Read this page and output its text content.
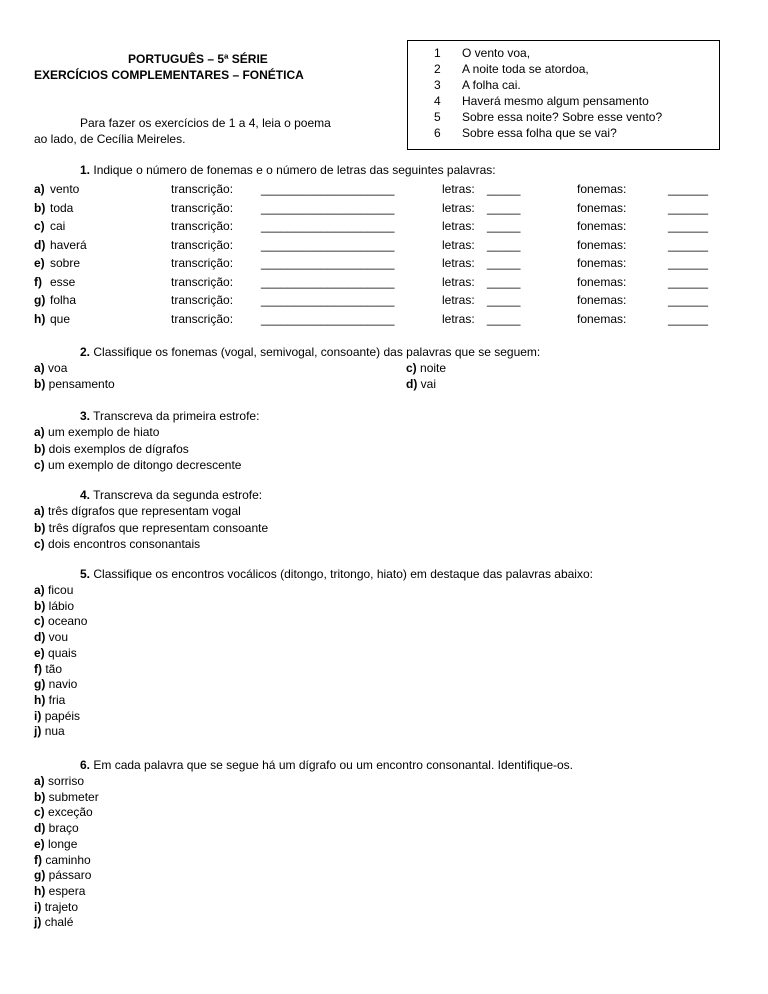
PORTUGUÊS – 5ª SÉRIE
EXERCÍCIOS COMPLEMENTARES – FONÉTICA
1 O vento voa,
2 A noite toda se atordoa,
3 A folha cai.
4 Haverá mesmo algum pensamento
5 Sobre essa noite? Sobre esse vento?
6 Sobre essa folha que se vai?
Para fazer os exercícios de 1 a 4, leia o poema
ao lado, de Cecília Meireles.
1. Indique o número de fonemas e o número de letras das seguintes palavras:
a) vento	transcrição: ____________________	letras: _____	fonemas:	______
b) toda	transcrição: ____________________	letras: _____	fonemas:	______
c) cai	transcrição: ____________________	letras: _____	fonemas:	______
d) haverá	transcrição: ____________________	letras: _____	fonemas:	______
e) sobre	transcrição: ____________________	letras: _____	fonemas:	______
f) esse	transcrição: ____________________	letras: _____	fonemas:	______
g) folha	transcrição: ____________________	letras: _____	fonemas:	______
h) que	transcrição: ____________________	letras: _____	fonemas:	______
2. Classifique os fonemas (vogal, semivogal, consoante) das palavras que se seguem:
a) voa
b) pensamento
c) noite
d) vai
3. Transcreva da primeira estrofe:
a) um exemplo de hiato
b) dois exemplos de dígrafos
c) um exemplo de ditongo decrescente
4. Transcreva da segunda estrofe:
a) três dígrafos que representam vogal
b) três dígrafos que representam consoante
c) dois encontros consonantais
5. Classifique os encontros vocálicos (ditongo, tritongo, hiato) em destaque das palavras abaixo:
a) ficou
b) lábio
c) oceano
d) vou
e) quais
f) tão
g) navio
h) fria
i) papéis
j) nua
6. Em cada palavra que se segue há um dígrafo ou um encontro consonantal. Identifique-os.
a) sorriso
b) submeter
c) exceção
d) braço
e) longe
f) caminho
g) pássaro
h) espera
i) trajeto
j) chalé
